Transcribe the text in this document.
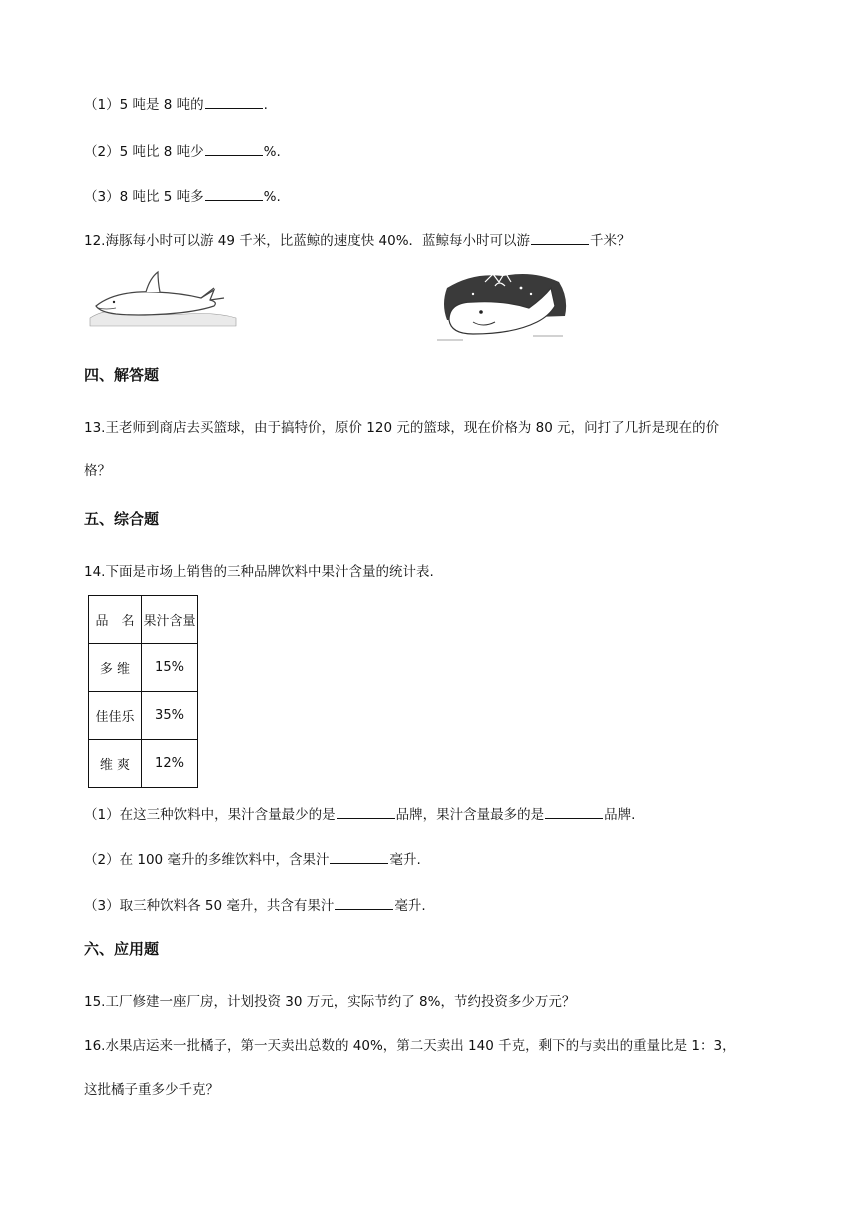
（1）5 吨是 8 吨的	.
（2）5 吨比 8 吨少	%.
（3）8 吨比 5 吨多	%.
12.海豚每小时可以游 49 千米，比蓝鲸的速度快 40%．蓝鲸每小时可以游	千米？
四、解答题
13.王老师到商店去买篮球，由于搞特价，原价 120 元的篮球，现在价格为 80 元，问打了几折是现在的价
格？
五、综合题
14.下面是市场上销售的三种品牌饮料中果汁含量的统计表.
品　名	果汁含量
多 维	15%
佳佳乐	35%
维 爽	12%
（1）在这三种饮料中，果汁含量最少的是	品牌，果汁含量最多的是	品牌.
（2）在 100 毫升的多维饮料中，含果汁	毫升.
（3）取三种饮料各 50 毫升，共含有果汁	毫升.
六、应用题
15.工厂修建一座厂房，计划投资 30 万元，实际节约了 8%，节约投资多少万元？
16.水果店运来一批橘子，第一天卖出总数的 40%，第二天卖出 140 千克，剩下的与卖出的重量比是 1：3，
这批橘子重多少千克？
